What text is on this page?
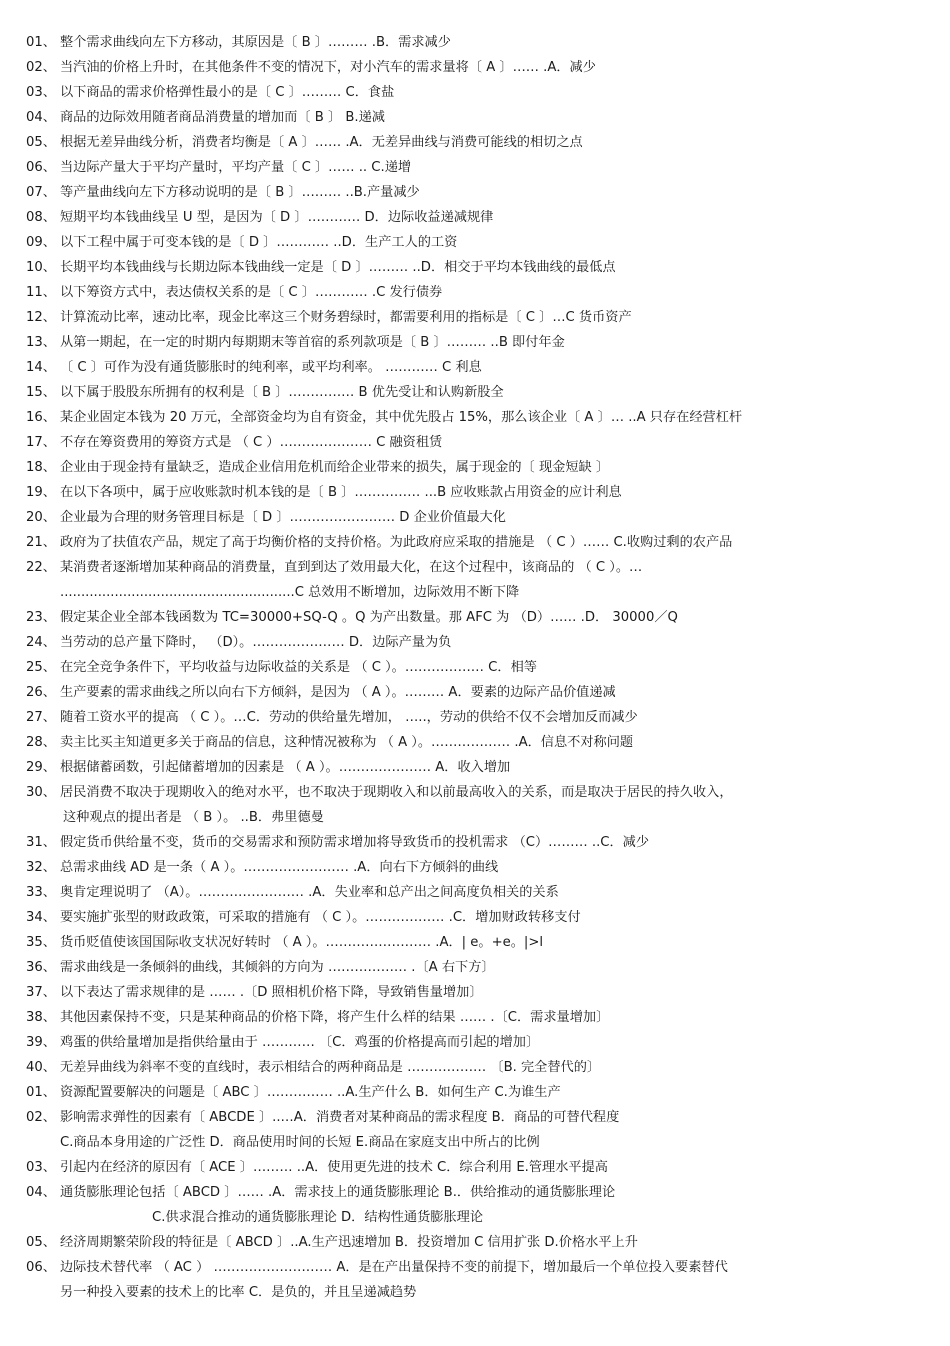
01、 整个需求曲线向左下方移动，其原因是〔 B 〕……… .B．需求减少
02、 当汽油的价格上升时，在其他条件不变的情况下，对小汽车的需求量将〔 A 〕…… .A．减少
03、 以下商品的需求价格弹性最小的是〔 C 〕……… C．食盐
04、 商品的边际效用随者商品消费量的增加而〔 B 〕 B.递减
05、 根据无差异曲线分析，消费者均衡是〔 A 〕…… .A．无差异曲线与消费可能线的相切之点
06、 当边际产量大于平均产量时，平均产量〔 C 〕…… .. C.递增
07、 等产量曲线向左下方移动说明的是〔 B 〕……… ..B.产量减少
08、 短期平均本钱曲线呈 U 型，是因为〔 D 〕………… D．边际收益递减规律
09、 以下工程中属于可变本钱的是〔 D 〕………… ..D．生产工人的工资
10、 长期平均本钱曲线与长期边际本钱曲线一定是〔 D 〕……… ..D．相交于平均本钱曲线的最低点
11、 以下筹资方式中，表达债权关系的是〔 C 〕………… .C 发行债券
12、 计算流动比率，速动比率，现金比率这三个财务碧绿时，都需要利用的指标是〔 C 〕…C 货币资产
13、 从第一期起，在一定的时期内每期期末等首宿的系列款项是〔 B 〕……… ..B 即付年金
14、 〔 C 〕可作为没有通货膨胀时的纯利率，或平均利率。 ………… C 利息
15、 以下属于股股东所拥有的权利是〔 B 〕…………… B 优先受让和认购新股全
16、 某企业固定本钱为 20 万元，全部资金均为自有资金，其中优先股占 15%，那么该企业〔 A 〕… ..A 只存在经营杠杆
17、 不存在筹资费用的筹资方式是 （ C ）………………… C 融资租赁
18、 企业由于现金持有量缺乏，造成企业信用危机而给企业带来的损失，属于现金的〔 现金短缺 〕
19、 在以下各项中，属于应收账款时机本钱的是〔 B 〕…………… ...B 应收账款占用资金的应计利息
20、 企业最为合理的财务管理目标是〔 D 〕…………………… D 企业价值最大化
21、 政府为了扶值农产品，规定了高于均衡价格的支持价格。为此政府应采取的措施是 （ C ）…… C.收购过剩的农产品
22、 某消费者逐渐增加某种商品的消费量，直到到达了效用最大化，在这个过程中，该商品的 （ C ）。…
........................................................C 总效用不断增加，边际效用不断下降
23、 假定某企业全部本钱函数为 TC=30000+SQ-Q 。Q 为产出数量。那 AFC 为 （D）…… .D． 30000／Q
24、 当劳动的总产量下降时， （D）。………………… D．边际产量为负
25、 在完全竞争条件下，平均收益与边际收益的关系是 （ C ）。……………… C．相等
26、 生产要素的需求曲线之所以向右下方倾斜，是因为 （ A ）。……… A．要素的边际产品价值递减
27、 随着工资水平的提高 （ C ）。…C．劳动的供给量先增加， …..，劳动的供给不仅不会增加反而减少
28、 卖主比买主知道更多关于商品的信息，这种情况被称为 （ A ）。……………… .A．信息不对称问题
29、 根据储蓄函数，引起储蓄增加的因素是 （ A ）。………………… A．收入增加
30、 居民消费不取决于现期收入的绝对水平，也不取决于现期收入和以前最高收入的关系，而是取决于居民的持久收入，
这种观点的提出者是 （ B ）。 ..B．弗里德曼
31、 假定货币供给量不变，货币的交易需求和预防需求增加将导致货币的投机需求 （C）……… ..C．减少
32、 总需求曲线 AD 是一条（ A ）。…………………… .A．向右下方倾斜的曲线
33、 奥肯定理说明了 （A）。…………………… .A．失业率和总产出之间高度负相关的关系
34、 要实施扩张型的财政政策，可采取的措施有 （ C ）。……………… .C．增加财政转移支付
35、 货币贬值使该国国际收支状况好转时 （ A ）。…………………… .A．| e。+e。|>l
36、 需求曲线是一条倾斜的曲线，其倾斜的方向为 ……………… .〔A 右下方〕
37、 以下表达了需求规律的是 …… .〔D 照相机价格下降，导致销售量增加〕
38、 其他因素保持不变，只是某种商品的价格下降，将产生什么样的结果 …… .〔C．需求量增加〕
39、 鸡蛋的供给量增加是指供给量由于 ………… 〔C．鸡蛋的价格提高而引起的增加〕
40、 无差异曲线为斜率不变的直线时，表示相结合的两种商品是 ……………… 〔B. 完全替代的〕
01、 资源配置要解决的问题是〔 ABC 〕…………… ..A.生产什么 B．如何生产 C.为谁生产
02、 影响需求弹性的因素有〔 ABCDE 〕..…A．消费者对某种商品的需求程度 B．商品的可替代程度
C.商品本身用途的广泛性 D．商品使用时间的长短 E.商品在家庭支出中所占的比例
03、 引起内在经济的原因有〔 ACE 〕……… ..A．使用更先进的技术 C．综合利用 E.管理水平提高
04、 通货膨胀理论包括〔 ABCD 〕…… .A．需求技上的通货膨胀理论 B.．供给推动的通货膨胀理论
C.供求混合推动的通货膨胀理论 D．结构性通货膨胀理论
05、 经济周期繁荣阶段的特征是〔 ABCD 〕..A.生产迅速增加 B．投资增加 C 信用扩张 D.价格水平上升
06、 边际技术替代率 （ AC ） ……………………… A．是在产出量保持不变的前提下，增加最后一个单位投入要素替代
另一种投入要素的技术上的比率 C．是负的，并且呈递减趋势
